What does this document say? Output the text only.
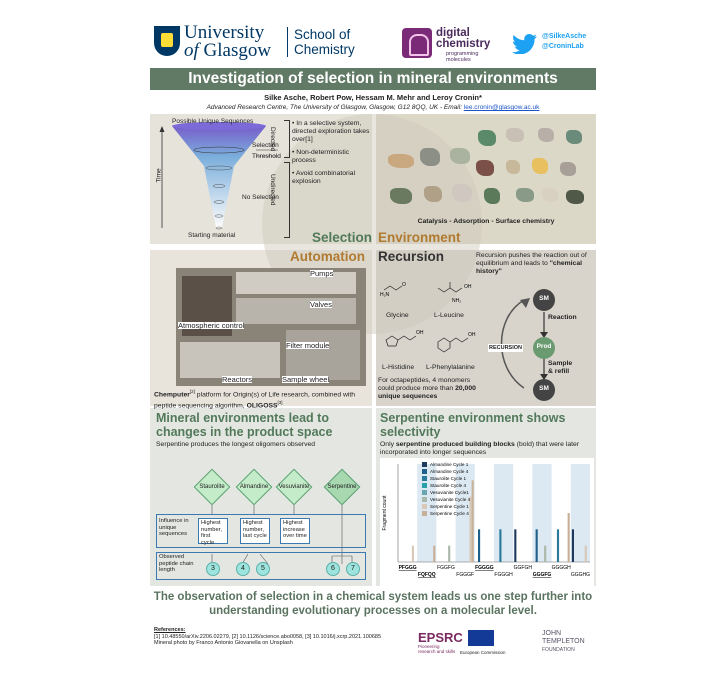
University
of Glasgow
School of
Chemistry
digital
chemistry
programming
molecules
@SilkeAsche
@CroninLab
Investigation of selection in mineral environments
Silke Asche, Robert Pow, Hessam M. Mehr and Leroy Cronin*
Advanced Research Centre, The University of Glasgow, Glasgow, G12 8QQ, UK - Email: lee.cronin@glasgow.ac.uk
Possible Unique Sequences
Time
Selection
Threshold
No Selection
Starting material
Directed
Undirected
• In a selective system, directed exploration takes over[1]
• Non-deterministic process
• Avoid combinatorial explosion
Selection
Catalysis - Adsorption - Surface chemistry
Environment
Automation
Pumps
Valves
Atmospheric control
Filter module
Reactors	Sample wheel
Chemputer[2] platform for Origin(s) of Life research, combined with peptide sequencing algorithm, OLIGOSS[3]
Recursion	Recursion pushes the reaction out of equilibrium and leads to "chemical history"
O
H₂N
OH
NH₂
OH	OH
Glycine	L-Leucine
L-Histidine L-Phenylalanine
For octapeptides, 4 monomers could produce more than 20,000 unique sequences
SM
Prod
SM
Reaction
Sample
& refill
RECURSION
Mineral environments lead to changes in the product space
Serpentine produces the longest oligomers observed
Staurolite	Almandine	Vesuvianite	Serpentine
Influence in unique sequences
Highest number, first cycle
Highest number, last cycle
Highest increase over time
Observed peptide chain length	3	4	5	6	7
Serpentine environment shows selectivity
Only serpentine produced building blocks (bold) that were later incorporated into longer sequences
Fragment count
Almandine Cycle 1
Almandine Cycle 4
Staurolite Cycle 1
Staurolite Cycle 4
Vesuvianite Cycle1
Vesuvianite Cycle 4
Serpentine Cycle 1
Serpentine Cycle 4
PFGGG
FQFQQ
FGGFG
FGGGF
FGGGG
FGGGH
GGFGH
GGGFG
GGGGH
GGGHG
The observation of selection in a chemical system leads us one step further into understanding evolutionary processes on a molecular level.
References:
[1] 10.48550/arXiv.2206.02279, [2] 10.1126/science.abo0058, [3] 10.1016/j.xcrp.2021.100685
Mineral photo by Franco Antonio Giovanella on Unsplash	EPSRC
Pioneering research and skills	European Commission
JOHN
TEMPLETON
FOUNDATION
